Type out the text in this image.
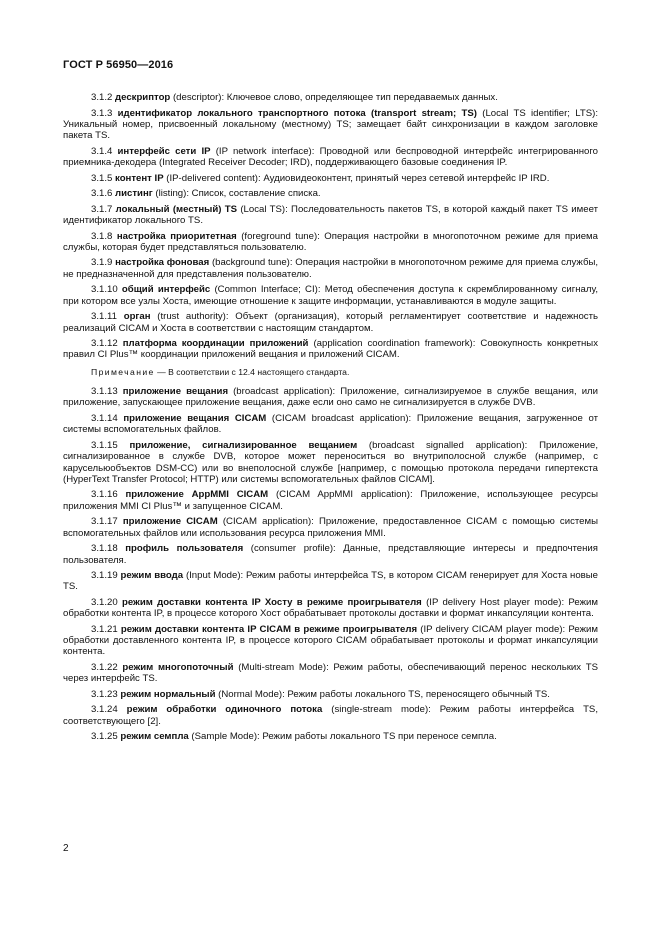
ГОСТ Р 56950—2016

3.1.2 дескриптор (descriptor): Ключевое слово, определяющее тип передаваемых данных.

3.1.3 идентификатор локального транспортного потока (transport stream; TS) (Local TS identifier; LTS): Уникальный номер, присвоенный локальному (местному) TS; замещает байт синхронизации в каждом заголовке пакета TS.

3.1.4 интерфейс сети IP (IP network interface): Проводной или беспроводной интерфейс интегрированного приемника-декодера (Integrated Receiver Decoder; IRD), поддерживающего базовые соединения IP.

3.1.5 контент IP (IP-delivered content): Аудиовидеоконтент, принятый через сетевой интерфейс IP IRD.

3.1.6 листинг (listing): Список, составление списка.

3.1.7 локальный (местный) TS (Local TS): Последовательность пакетов TS, в которой каждый пакет TS имеет идентификатор локального TS.

3.1.8 настройка приоритетная (foreground tune): Операция настройки в многопоточном режиме для приема службы, которая будет представляться пользователю.

3.1.9 настройка фоновая (background tune): Операция настройки в многопоточном режиме для приема службы, не предназначенной для представления пользователю.

3.1.10 общий интерфейс (Common Interface; CI): Метод обеспечения доступа к скремблированному сигналу, при котором все узлы Хоста, имеющие отношение к защите информации, устанавливаются в модуле защиты.

3.1.11 орган (trust authority): Объект (организация), который регламентирует соответствие и надежность реализаций CICAM и Хоста в соответствии с настоящим стандартом.

3.1.12 платформа координации приложений (application coordination framework): Совокупность конкретных правил CI Plus™ координации приложений вещания и приложений CICAM.

Примечание — В соответствии с 12.4 настоящего стандарта.

3.1.13 приложение вещания (broadcast application): Приложение, сигнализируемое в службе вещания, или приложение, запускающее приложение вещания, даже если оно само не сигнализируется в службе DVB.

3.1.14 приложение вещания CICAM (CICAM broadcast application): Приложение вещания, загруженное от системы вспомогательных файлов.

3.1.15 приложение, сигнализированное вещанием (broadcast signalled application): Приложение, сигнализированное в службе DVB, которое может переноситься во внутриполосной службе (например, с карусельюобъектов DSM-CC) или во внеполосной службе [например, с помощью протокола передачи гипертекста (HyperText Transfer Protocol; HTTP) или системы вспомогательных файлов CICAM].

3.1.16 приложение AppMMI CICAM (CICAM AppMMI application): Приложение, использующее ресурсы приложения MMI CI Plus™ и запущенное CICAM.

3.1.17 приложение CICAM (CICAM application): Приложение, предоставленное CICAM с помощью системы вспомогательных файлов или использования ресурса приложения MMI.

3.1.18 профиль пользователя (consumer profile): Данные, представляющие интересы и предпочтения пользователя.

3.1.19 режим ввода (Input Mode): Режим работы интерфейса TS, в котором CICAM генерирует для Хоста новые TS.

3.1.20 режим доставки контента IP Хосту в режиме проигрывателя (IP delivery Host player mode): Режим обработки контента IP, в процессе которого Хост обрабатывает протоколы доставки и формат инкапсуляции контента.

3.1.21 режим доставки контента IP CICAM в режиме проигрывателя (IP delivery CICAM player mode): Режим обработки доставленного контента IP, в процессе которого CICAM обрабатывает протоколы и формат инкапсуляции контента.

3.1.22 режим многопоточный (Multi-stream Mode): Режим работы, обеспечивающий перенос нескольких TS через интерфейс TS.

3.1.23 режим нормальный (Normal Mode): Режим работы локального TS, переносящего обычный TS.

3.1.24 режим обработки одиночного потока (single-stream mode): Режим работы интерфейса TS, соответствующего [2].

3.1.25 режим семпла (Sample Mode): Режим работы локального TS при переносе семпла.

2
